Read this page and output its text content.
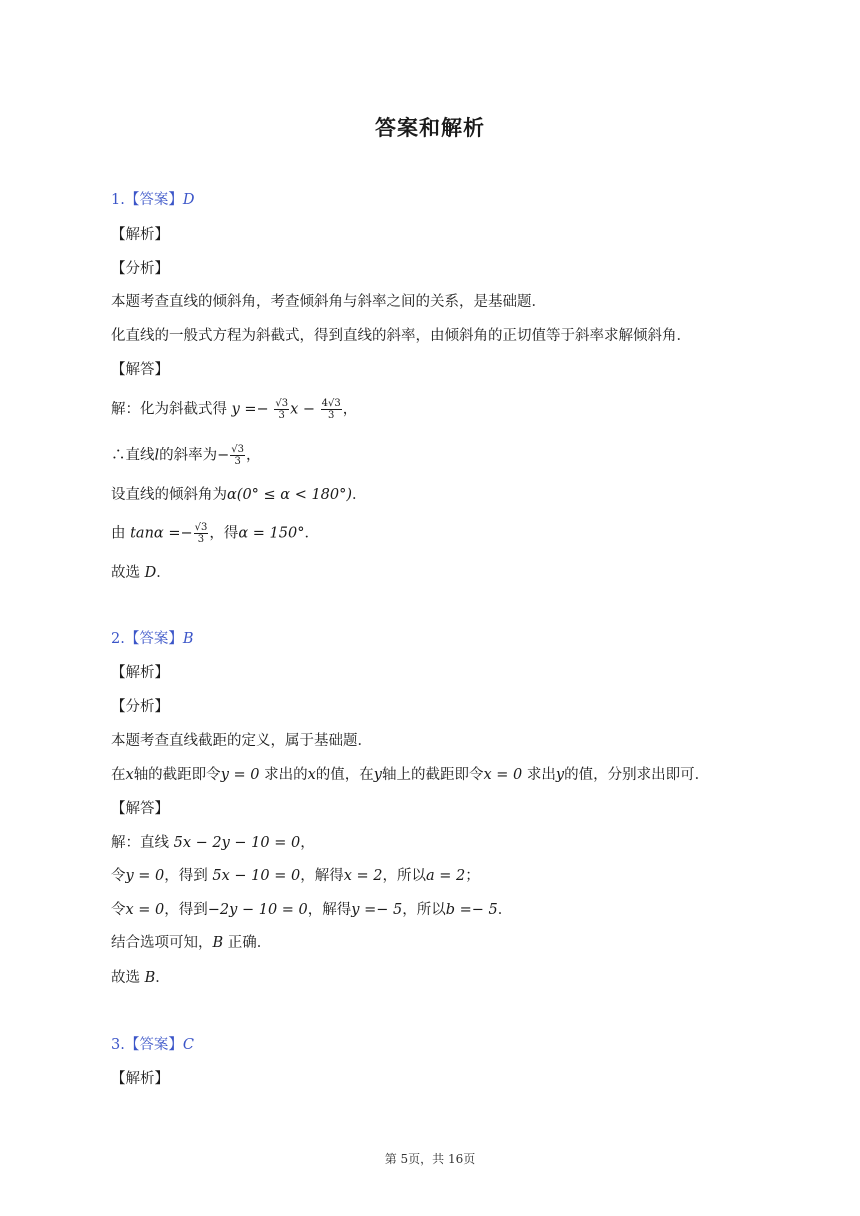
答案和解析
1.【答案】D
【解析】
【分析】
本题考查直线的倾斜角，考查倾斜角与斜率之间的关系，是基础题．
化直线的一般式方程为斜截式，得到直线的斜率，由倾斜角的正切值等于斜率求解倾斜角．
【解答】
解：化为斜截式得 $y =- \frac{√3}{3}$ $x - \frac{4√3}{3}$ ，
∴直线l的斜率为− $\frac{√3}{3}$ ，
设直线的倾斜角为α(0° ≤ α < 180°)．
由 $\tan\alpha =- \frac{√3}{3}$ ，得α = 150°．
故选 D．
2.【答案】B
【解析】
【分析】
本题考查直线截距的定义，属于基础题．
在x轴的截距即令y = 0 求出的x的值，在y轴上的截距即令x = 0 求出y的值，分别求出即可．
【解答】
解：直线 5x − 2y − 10 = 0，
令y = 0，得到 5x − 10 = 0，解得x = 2，所以a = 2；
令x = 0，得到−2y − 10 = 0，解得y =− 5，所以b =− 5．
结合选项可知，B 正确．
故选 B．
3.【答案】C
【解析】
第 5页，共 16页
